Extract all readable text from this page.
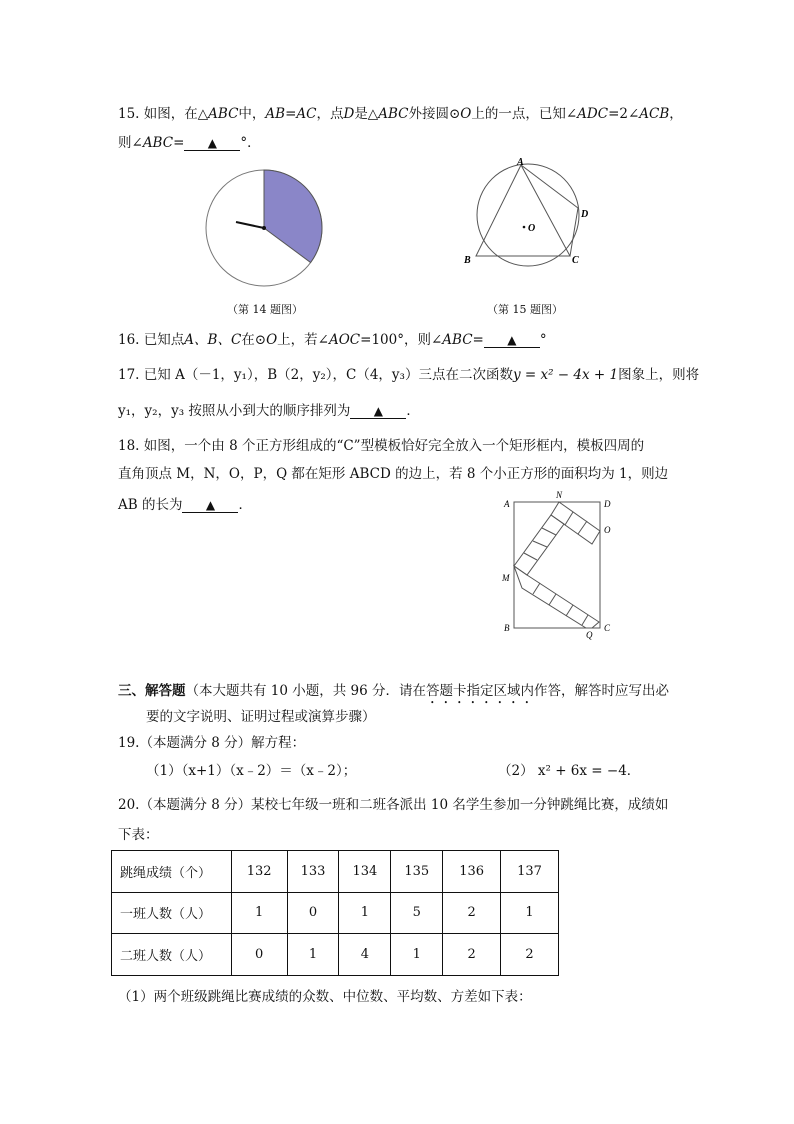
15. 如图，在△ABC中，AB=AC，点D是△ABC外接圆⊙O上的一点，已知∠ADC=2∠ACB，
则∠ABC= ▲ °．
（第 14 题图）
A
B	C
D
O
（第 15 题图）
16. 已知点A、B、C在⊙O上，若∠AOC=100°，则∠ABC= ▲ °
17. 已知 A（－1，y₁），B（2，y₂），C（4，y₃）三点在二次函数y = x² − 4x + 1图象上，则将
y₁，y₂，y₃ 按照从小到大的顺序排列为 ▲ ．
18. 如图，一个由 8 个正方形组成的“C”型模板恰好完全放入一个矩形框内，模板四周的
直角顶点 M，N，O，P，Q 都在矩形 ABCD 的边上，若 8 个小正方形的面积均为 1，则边
AB 的长为 ▲ ．	A
N
D
O
M
B
Q
C
三、解答题（本大题共有 10 小题，共 96 分．请在答题卡指定区域内作答，解答时应写出必
要的文字说明、证明过程或演算步骤）
19.（本题满分 8 分）解方程：
（1）（x+1）（x﹣2）＝（x﹣2）；	（2） x² + 6x = −4．
20.（本题满分 8 分）某校七年级一班和二班各派出 10 名学生参加一分钟跳绳比赛，成绩如
下表：
跳绳成绩（个）	132	133	134	135	136	137
一班人数（人）	1	0	1	5	2	1
二班人数（人）	0	1	4	1	2	2
（1）两个班级跳绳比赛成绩的众数、中位数、平均数、方差如下表：
